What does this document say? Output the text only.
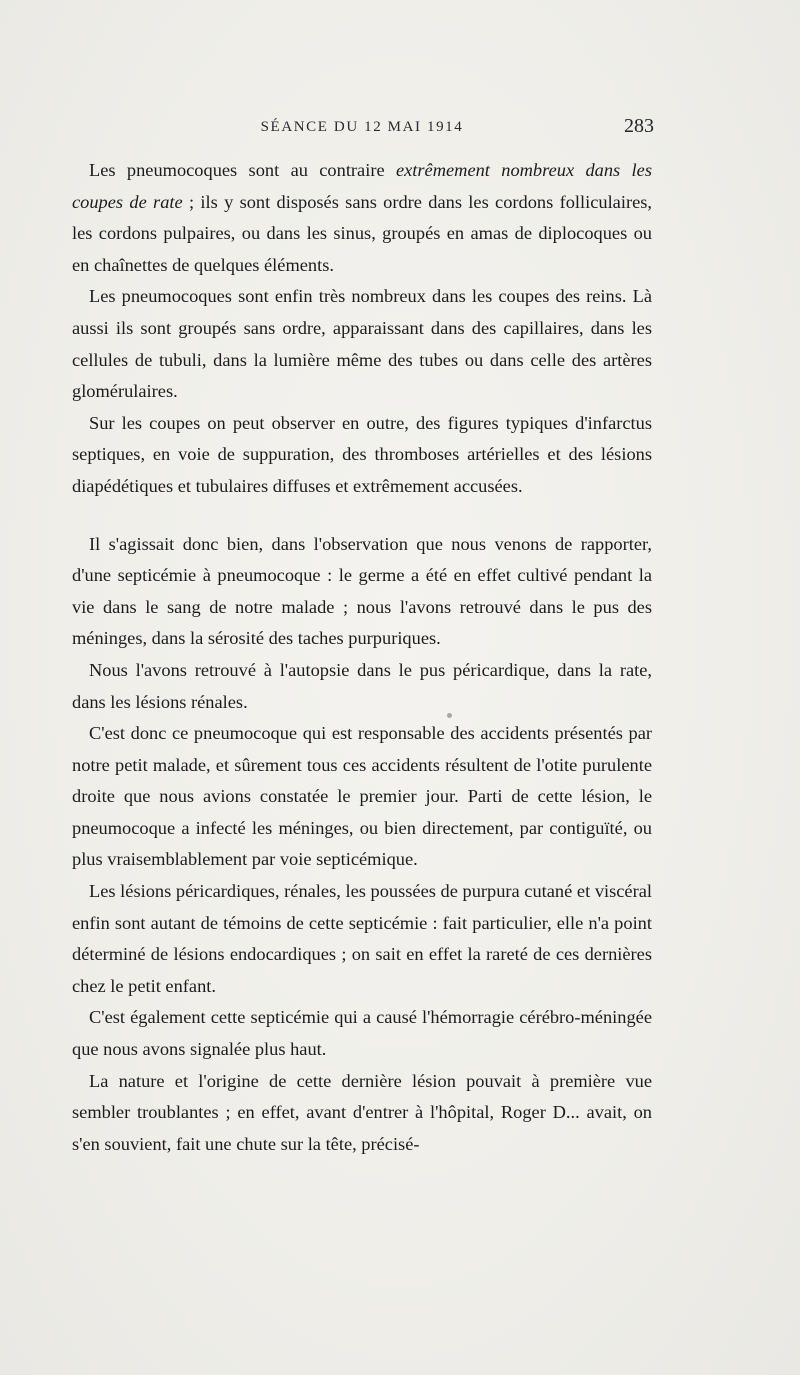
SÉANCE DU 12 MAI 1914	283

Les pneumocoques sont au contraire extrêmement nombreux dans les coupes de rate ; ils y sont disposés sans ordre dans les cordons folliculaires, les cordons pulpaires, ou dans les sinus, groupés en amas de diplocoques ou en chaînettes de quelques éléments.

Les pneumocoques sont enfin très nombreux dans les coupes des reins. Là aussi ils sont groupés sans ordre, apparaissant dans des capillaires, dans les cellules de tubuli, dans la lumière même des tubes ou dans celle des artères glomérulaires.

Sur les coupes on peut observer en outre, des figures typiques d'infarctus septiques, en voie de suppuration, des thromboses artérielles et des lésions diapédétiques et tubulaires diffuses et extrêmement accusées.

Il s'agissait donc bien, dans l'observation que nous venons de rapporter, d'une septicémie à pneumocoque : le germe a été en effet cultivé pendant la vie dans le sang de notre malade ; nous l'avons retrouvé dans le pus des méninges, dans la sérosité des taches purpuriques.

Nous l'avons retrouvé à l'autopsie dans le pus péricardique, dans la rate, dans les lésions rénales.

C'est donc ce pneumocoque qui est responsable des accidents présentés par notre petit malade, et sûrement tous ces accidents résultent de l'otite purulente droite que nous avions constatée le premier jour. Parti de cette lésion, le pneumocoque a infecté les méninges, ou bien directement, par contiguïté, ou plus vraisemblablement par voie septicémique.

Les lésions péricardiques, rénales, les poussées de purpura cutané et viscéral enfin sont autant de témoins de cette septicémie : fait particulier, elle n'a point déterminé de lésions endocardiques ; on sait en effet la rareté de ces dernières chez le petit enfant.

C'est également cette septicémie qui a causé l'hémorragie cérébro-méningée que nous avons signalée plus haut.

La nature et l'origine de cette dernière lésion pouvait à première vue sembler troublantes ; en effet, avant d'entrer à l'hôpital, Roger D... avait, on s'en souvient, fait une chute sur la tête, précisé-
